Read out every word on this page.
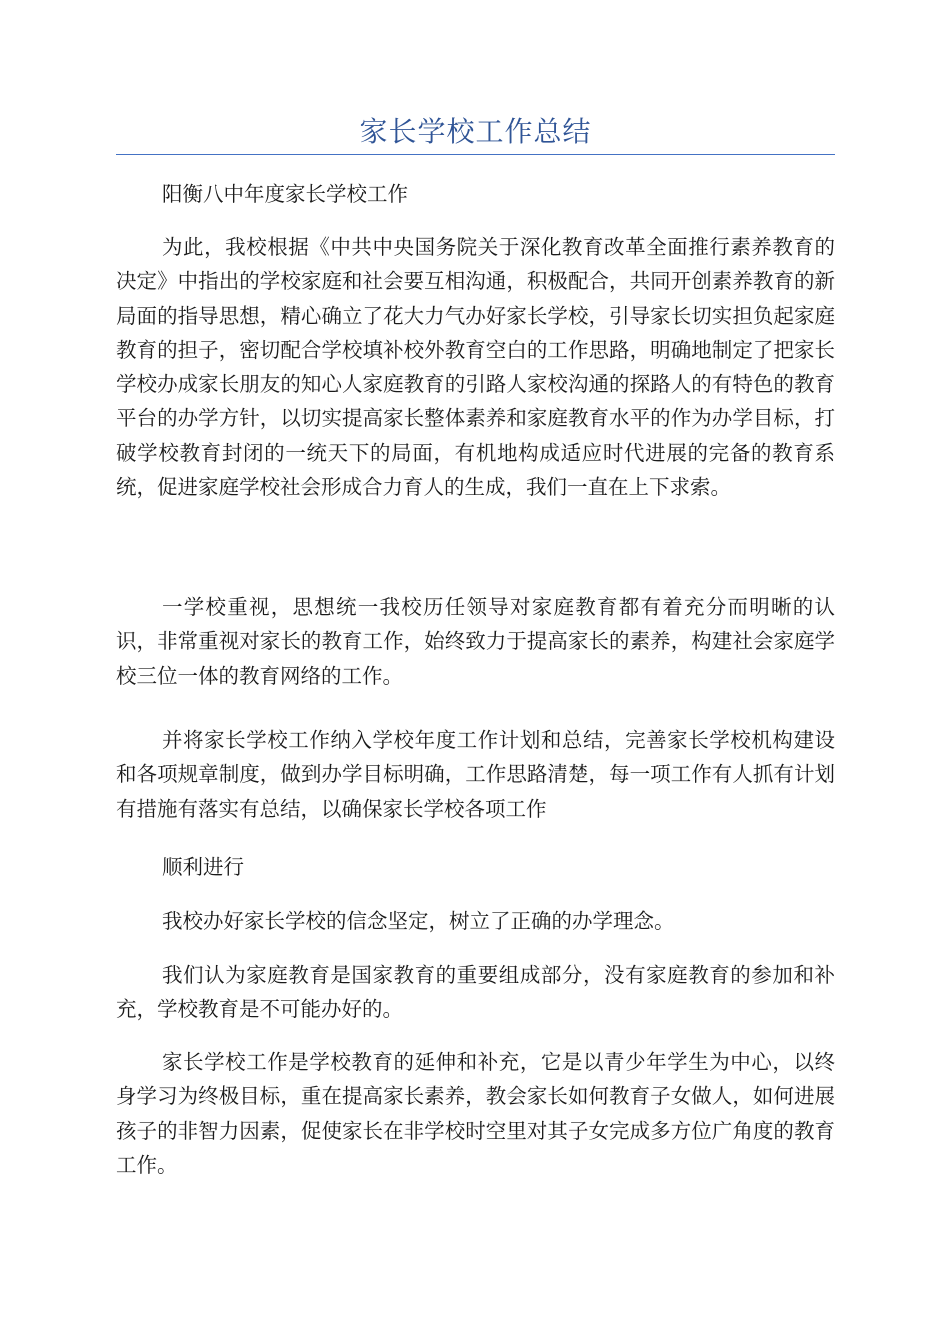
家长学校工作总结

阳衡八中年度家长学校工作

为此，我校根据《中共中央国务院关于深化教育改革全面推行素养教育的决定》中指出的学校家庭和社会要互相沟通，积极配合，共同开创素养教育的新局面的指导思想，精心确立了花大力气办好家长学校，引导家长切实担负起家庭教育的担子，密切配合学校填补校外教育空白的工作思路，明确地制定了把家长学校办成家长朋友的知心人家庭教育的引路人家校沟通的探路人的有特色的教育平台的办学方针，以切实提高家长整体素养和家庭教育水平的作为办学目标，打破学校教育封闭的一统天下的局面，有机地构成适应时代进展的完备的教育系统，促进家庭学校社会形成合力育人的生成，我们一直在上下求索。

一学校重视，思想统一我校历任领导对家庭教育都有着充分而明晰的认识，非常重视对家长的教育工作，始终致力于提高家长的素养，构建社会家庭学校三位一体的教育网络的工作。

并将家长学校工作纳入学校年度工作计划和总结，完善家长学校机构建设和各项规章制度，做到办学目标明确，工作思路清楚，每一项工作有人抓有计划有措施有落实有总结，以确保家长学校各项工作

顺利进行

我校办好家长学校的信念坚定，树立了正确的办学理念。

我们认为家庭教育是国家教育的重要组成部分，没有家庭教育的参加和补充，学校教育是不可能办好的。

家长学校工作是学校教育的延伸和补充，它是以青少年学生为中心，以终身学习为终极目标，重在提高家长素养，教会家长如何教育子女做人，如何进展孩子的非智力因素，促使家长在非学校时空里对其子女完成多方位广角度的教育工作。
